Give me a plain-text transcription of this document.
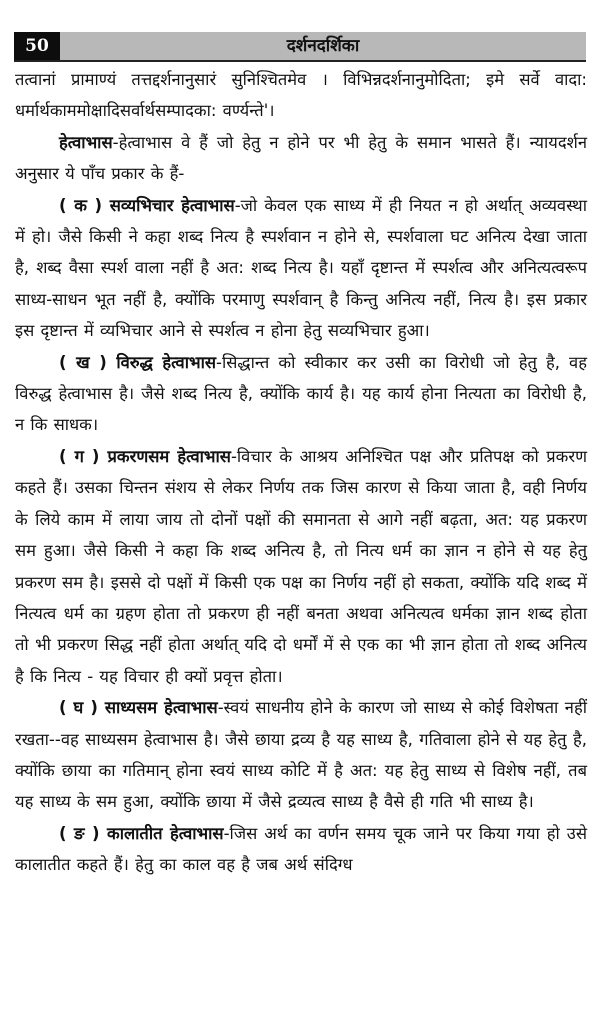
50	दर्शनदर्शिका

तत्वानां प्रामाण्यं तत्तद्दर्शनानुसारं सुनिश्चितमेव । विभिन्नदर्शनानुमोदिता; इमे सर्वे वादा: धर्मार्थकाममोक्षादिसर्वार्थसम्पादका: वर्ण्यन्ते'।

हेत्वाभास-हेत्वाभास वे हैं जो हेतु न होने पर भी हेतु के समान भासते हैं। न्यायदर्शन अनुसार ये पाँच प्रकार के हैं-

( क ) सव्यभिचार हेत्वाभास-जो केवल एक साध्य में ही नियत न हो अर्थात् अव्यवस्था में हो। जैसे किसी ने कहा शब्द नित्य है स्पर्शवान न होने से, स्पर्शवाला घट अनित्य देखा जाता है, शब्द वैसा स्पर्श वाला नहीं है अत: शब्द नित्य है। यहाँ दृष्टान्त में स्पर्शत्व और अनित्यत्वरूप साध्य-साधन भूत नहीं है, क्योंकि परमाणु स्पर्शवान् है किन्तु अनित्य नहीं, नित्य है। इस प्रकार इस दृष्टान्त में व्यभिचार आने से स्पर्शत्व न होना हेतु सव्यभिचार हुआ।

( ख ) विरुद्ध हेत्वाभास-सिद्धान्त को स्वीकार कर उसी का विरोधी जो हेतु है, वह विरुद्ध हेत्वाभास है। जैसे शब्द नित्य है, क्योंकि कार्य है। यह कार्य होना नित्यता का विरोधी है, न कि साधक।

( ग ) प्रकरणसम हेत्वाभास-विचार के आश्रय अनिश्चित पक्ष और प्रतिपक्ष को प्रकरण कहते हैं। उसका चिन्तन संशय से लेकर निर्णय तक जिस कारण से किया जाता है, वही निर्णय के लिये काम में लाया जाय तो दोनों पक्षों की समानता से आगे नहीं बढ़ता, अत: यह प्रकरण सम हुआ। जैसे किसी ने कहा कि शब्द अनित्य है, तो नित्य धर्म का ज्ञान न होने से यह हेतु प्रकरण सम है। इससे दो पक्षों में किसी एक पक्ष का निर्णय नहीं हो सकता, क्योंकि यदि शब्द में नित्यत्व धर्म का ग्रहण होता तो प्रकरण ही नहीं बनता अथवा अनित्यत्व धर्मका ज्ञान शब्द होता तो भी प्रकरण सिद्ध नहीं होता अर्थात् यदि दो धर्मों में से एक का भी ज्ञान होता तो शब्द अनित्य है कि नित्य - यह विचार ही क्यों प्रवृत्त होता।

( घ ) साध्यसम हेत्वाभास-स्वयं साधनीय होने के कारण जो साध्य से कोई विशेषता नहीं रखता--वह साध्यसम हेत्वाभास है। जैसे छाया द्रव्य है यह साध्य है, गतिवाला होने से यह हेतु है, क्योंकि छाया का गतिमान् होना स्वयं साध्य कोटि में है अत: यह हेतु साध्य से विशेष नहीं, तब यह साध्य के सम हुआ, क्योंकि छाया में जैसे द्रव्यत्व साध्य है वैसे ही गति भी साध्य है।

( ङ ) कालातीत हेत्वाभास-जिस अर्थ का वर्णन समय चूक जाने पर किया गया हो उसे कालातीत कहते हैं। हेतु का काल वह है जब अर्थ संदिग्ध
